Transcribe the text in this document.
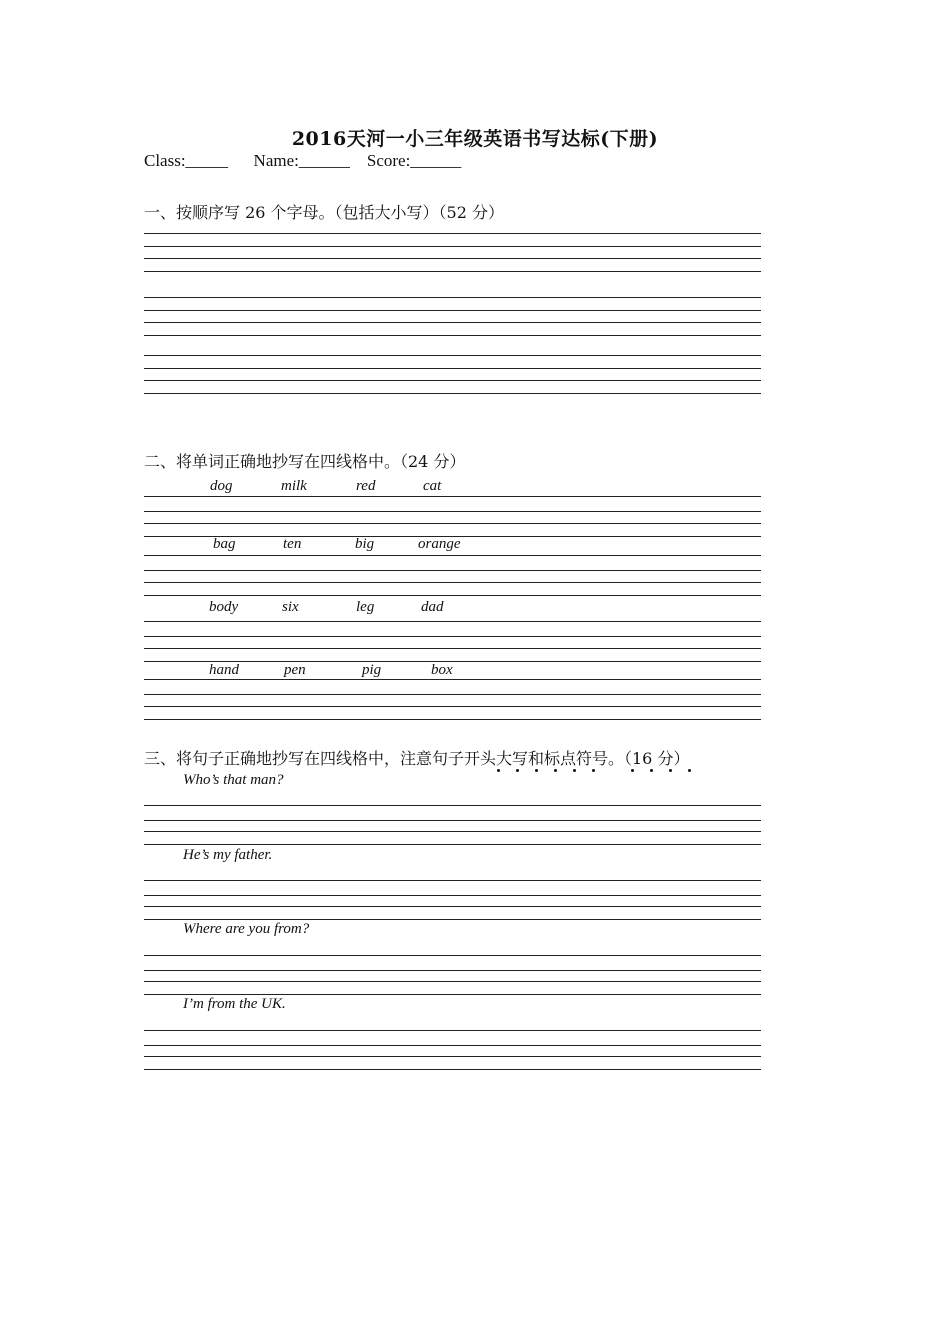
2016天河一小三年级英语书写达标(下册)
Class:_____      Name:______    Score:______
一、按顺序写 26 个字母。（包括大小写）（52 分）
二、将单词正确地抄写在四线格中。（24 分）
dog	milk	red	cat
bag	ten	big	orange
body	six	leg	dad
hand	pen	pig	box
三、将句子正确地抄写在四线格中，注意句子开头大写和标点符号。（16 分）
Who’s that man?
He’s my father.
Where are you from?
I’m from the UK.
